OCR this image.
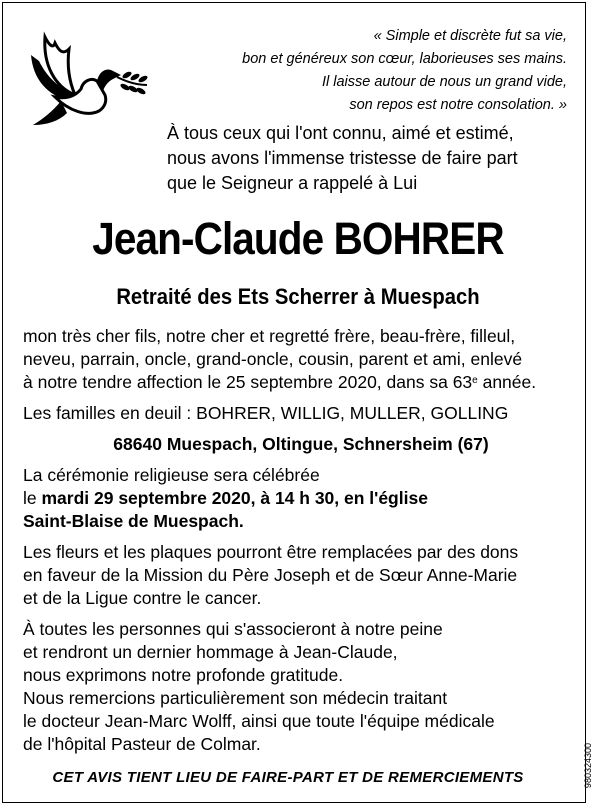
« Simple et discrète fut sa vie,
bon et généreux son cœur, laborieuses ses mains.
Il laisse autour de nous un grand vide,
son repos est notre consolation. »
À tous ceux qui l'ont connu, aimé et estimé,
nous avons l'immense tristesse de faire part
que le Seigneur a rappelé à Lui
Jean-Claude BOHRER
Retraité des Ets Scherrer à Muespach

mon très cher fils, notre cher et regretté frère, beau-frère, filleul,
neveu, parrain, oncle, grand-oncle, cousin, parent et ami, enlevé
à notre tendre affection le 25 septembre 2020, dans sa 63e année.

Les familles en deuil : BOHRER, WILLIG, MULLER, GOLLING

68640 Muespach, Oltingue, Schnersheim (67)

La cérémonie religieuse sera célébrée
le mardi 29 septembre 2020, à 14 h 30, en l'église
Saint-Blaise de Muespach.

Les fleurs et les plaques pourront être remplacées par des dons
en faveur de la Mission du Père Joseph et de Sœur Anne-Marie
et de la Ligue contre le cancer.

À toutes les personnes qui s'associeront à notre peine
et rendront un dernier hommage à Jean-Claude,
nous exprimons notre profonde gratitude.
Nous remercions particulièrement son médecin traitant
le docteur Jean-Marc Wolff, ainsi que toute l'équipe médicale
de l'hôpital Pasteur de Colmar.

CET AVIS TIENT LIEU DE FAIRE-PART ET DE REMERCIEMENTS	980324300
